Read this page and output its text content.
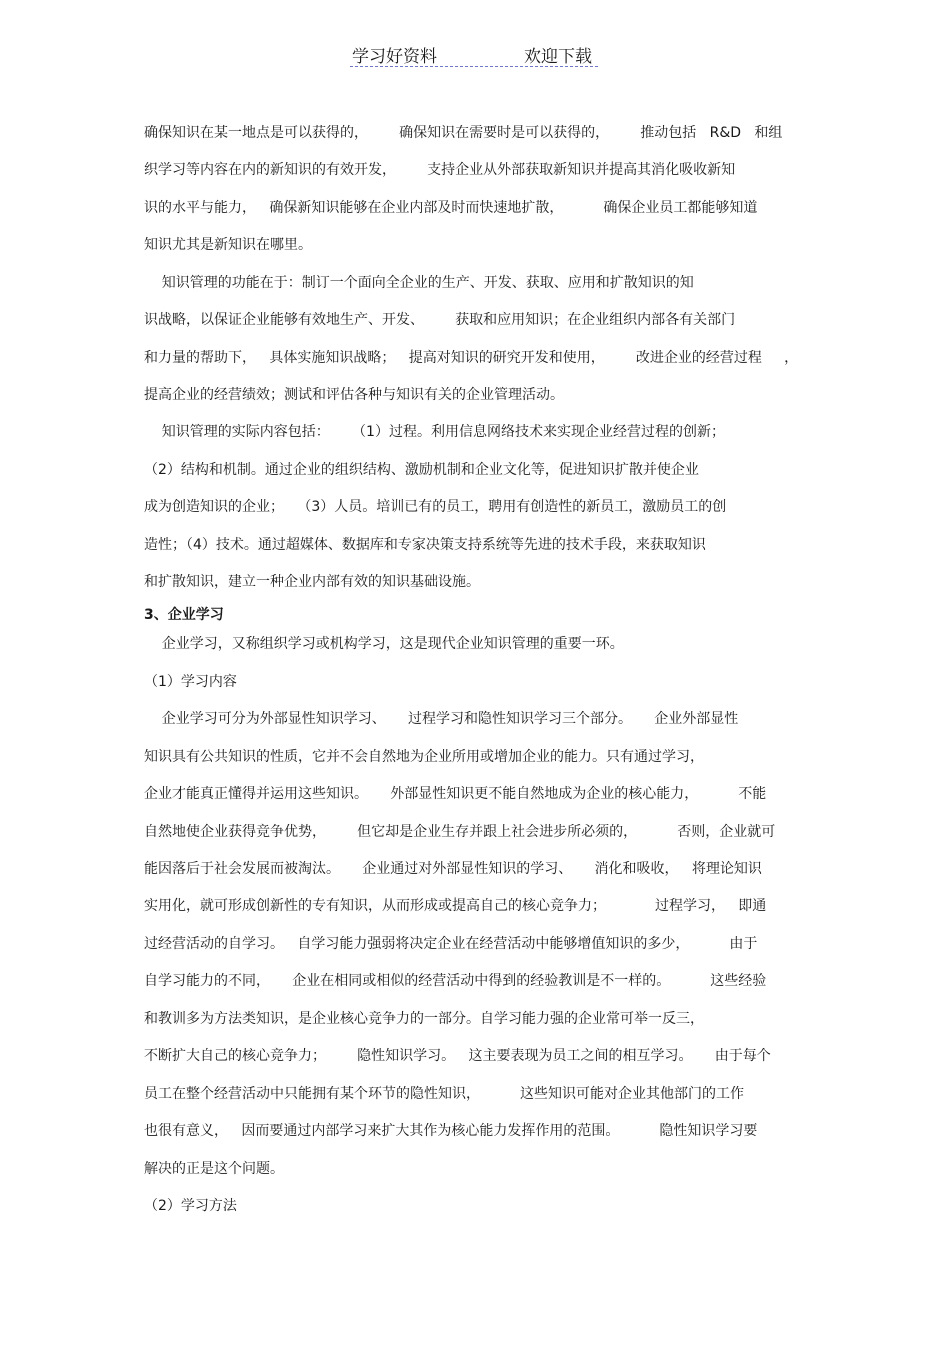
学习好资料	欢迎下载
确保知识在某一地点是可以获得的，       确保知识在需要时是可以获得的，       推动包括   R&D   和组
织学习等内容在内的新知识的有效开发，       支持企业从外部获取新知识并提高其消化吸收新知
识的水平与能力，   确保新知识能够在企业内部及时而快速地扩散，         确保企业员工都能够知道
知识尤其是新知识在哪里。
知识管理的功能在于：制订一个面向全企业的生产、开发、获取、应用和扩散知识的知
识战略，以保证企业能够有效地生产、开发、       获取和应用知识；在企业组织内部各有关部门
和力量的帮助下，   具体实施知识战略；   提高对知识的研究开发和使用，       改进企业的经营过程     ，
提高企业的经营绩效；测试和评估各种与知识有关的企业管理活动。
知识管理的实际内容包括：     （1）过程。利用信息网络技术来实现企业经营过程的创新；
（2）结构和机制。通过企业的组织结构、激励机制和企业文化等，促进知识扩散并使企业
成为创造知识的企业；   （3）人员。培训已有的员工，聘用有创造性的新员工，激励员工的创
造性；（4）技术。通过超媒体、数据库和专家决策支持系统等先进的技术手段，来获取知识
和扩散知识，建立一种企业内部有效的知识基础设施。
3、企业学习
企业学习，又称组织学习或机构学习，这是现代企业知识管理的重要一环。
（1）学习内容
企业学习可分为外部显性知识学习、     过程学习和隐性知识学习三个部分。     企业外部显性
知识具有公共知识的性质，它并不会自然地为企业所用或增加企业的能力。只有通过学习，
企业才能真正懂得并运用这些知识。     外部显性知识更不能自然地成为企业的核心能力，         不能
自然地使企业获得竞争优势，       但它却是企业生存并跟上社会进步所必须的，         否则，企业就可
能因落后于社会发展而被淘汰。     企业通过对外部显性知识的学习、     消化和吸收，   将理论知识
实用化，就可形成创新性的专有知识，从而形成或提高自己的核心竞争力；           过程学习，   即通
过经营活动的自学习。   自学习能力强弱将决定企业在经营活动中能够增值知识的多少，         由于
自学习能力的不同，     企业在相同或相似的经营活动中得到的经验教训是不一样的。         这些经验
和教训多为方法类知识，是企业核心竞争力的一部分。自学习能力强的企业常可举一反三，
不断扩大自己的核心竞争力；       隐性知识学习。   这主要表现为员工之间的相互学习。     由于每个
员工在整个经营活动中只能拥有某个环节的隐性知识，         这些知识可能对企业其他部门的工作
也很有意义，   因而要通过内部学习来扩大其作为核心能力发挥作用的范围。         隐性知识学习要
解决的正是这个问题。
（2）学习方法
